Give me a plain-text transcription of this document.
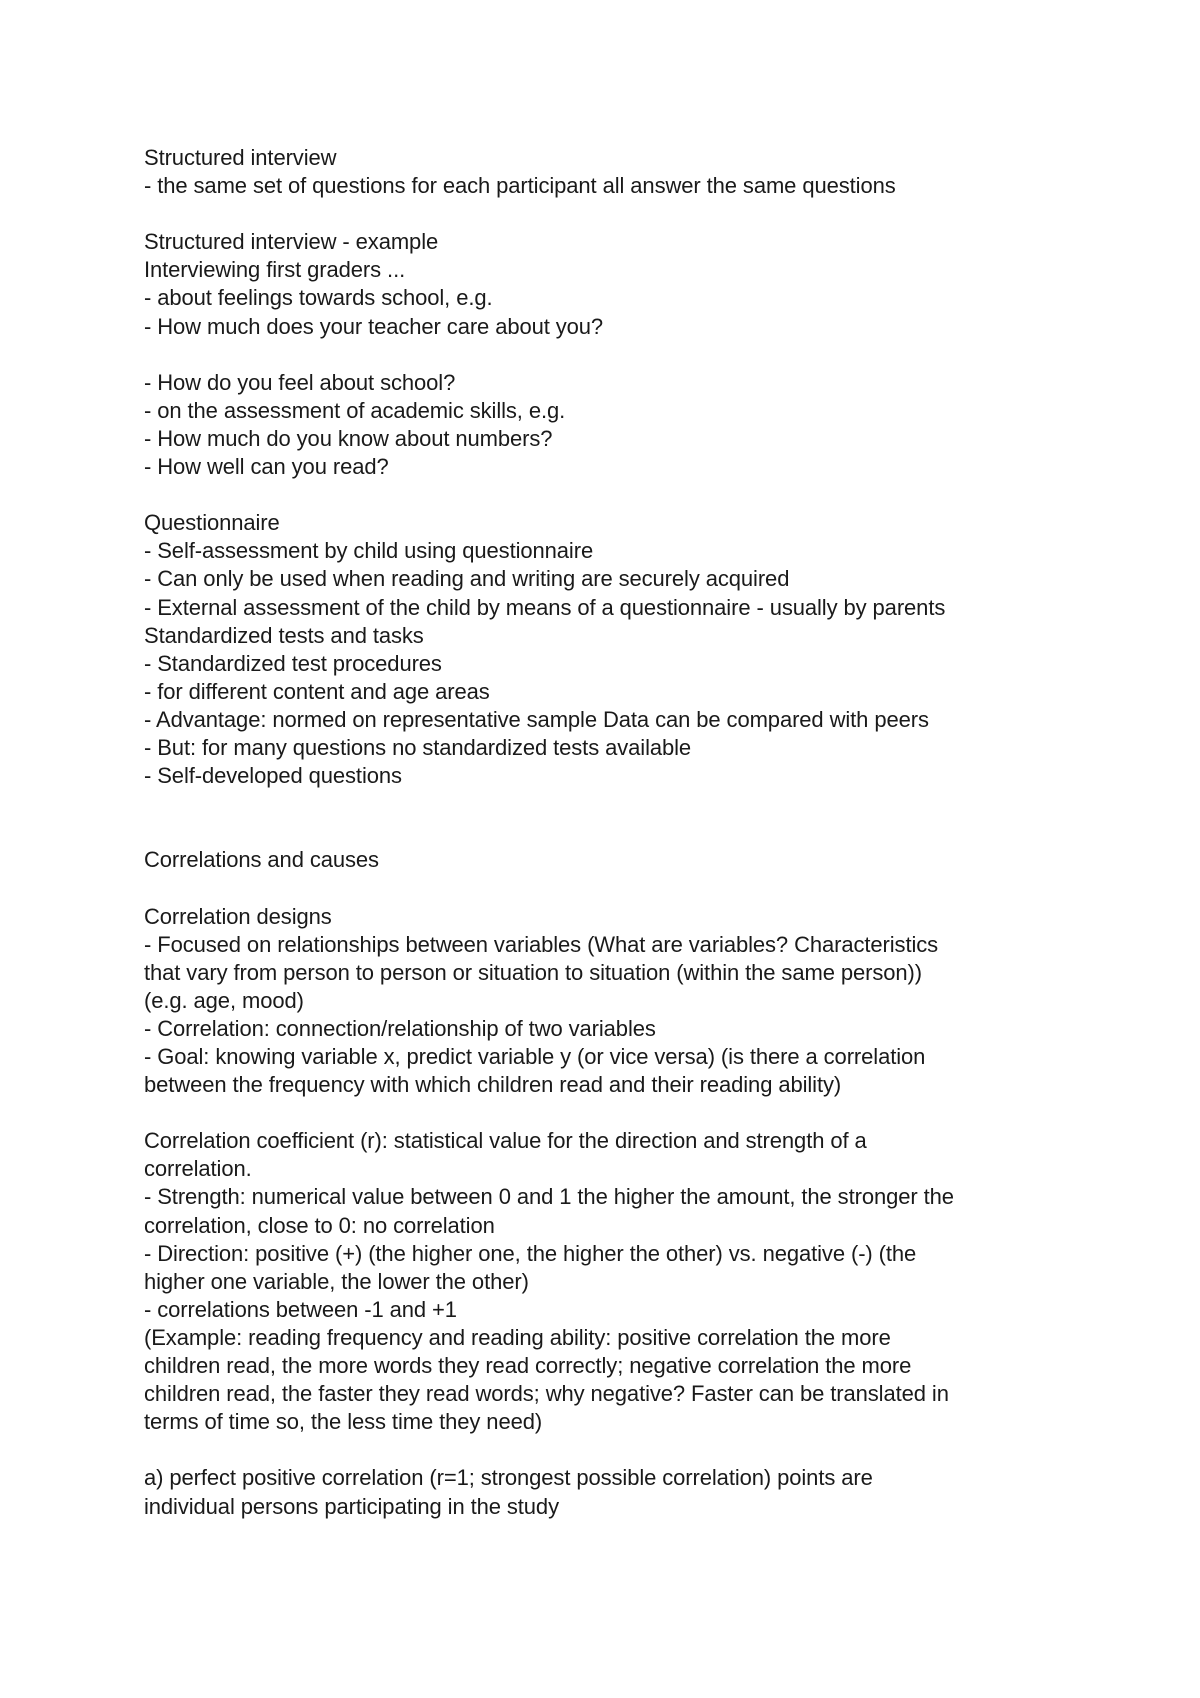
Structured interview
- the same set of questions for each participant all answer the same questions
Structured interview - example
Interviewing first graders ...
- about feelings towards school, e.g.
- How much does your teacher care about you?
- How do you feel about school?
- on the assessment of academic skills, e.g.
- How much do you know about numbers?
- How well can you read?
Questionnaire
- Self-assessment by child using questionnaire
- Can only be used when reading and writing are securely acquired
- External assessment of the child by means of a questionnaire - usually by parents
Standardized tests and tasks
- Standardized test procedures
- for different content and age areas
- Advantage: normed on representative sample Data can be compared with peers
- But: for many questions no standardized tests available
- Self-developed questions
Correlations and causes
Correlation designs
- Focused on relationships between variables (What are variables? Characteristics
that vary from person to person or situation to situation (within the same person))
(e.g. age, mood)
- Correlation: connection/relationship of two variables
- Goal: knowing variable x, predict variable y (or vice versa) (is there a correlation
between the frequency with which children read and their reading ability)
Correlation coefficient (r): statistical value for the direction and strength of a
correlation.
- Strength: numerical value between 0 and 1 the higher the amount, the stronger the
correlation, close to 0: no correlation
- Direction: positive (+) (the higher one, the higher the other) vs. negative (-) (the
higher one variable, the lower the other)
- correlations between -1 and +1
(Example: reading frequency and reading ability: positive correlation the more
children read, the more words they read correctly; negative correlation the more
children read, the faster they read words; why negative? Faster can be translated in
terms of time so, the less time they need)
a) perfect positive correlation (r=1; strongest possible correlation) points are
individual persons participating in the study
